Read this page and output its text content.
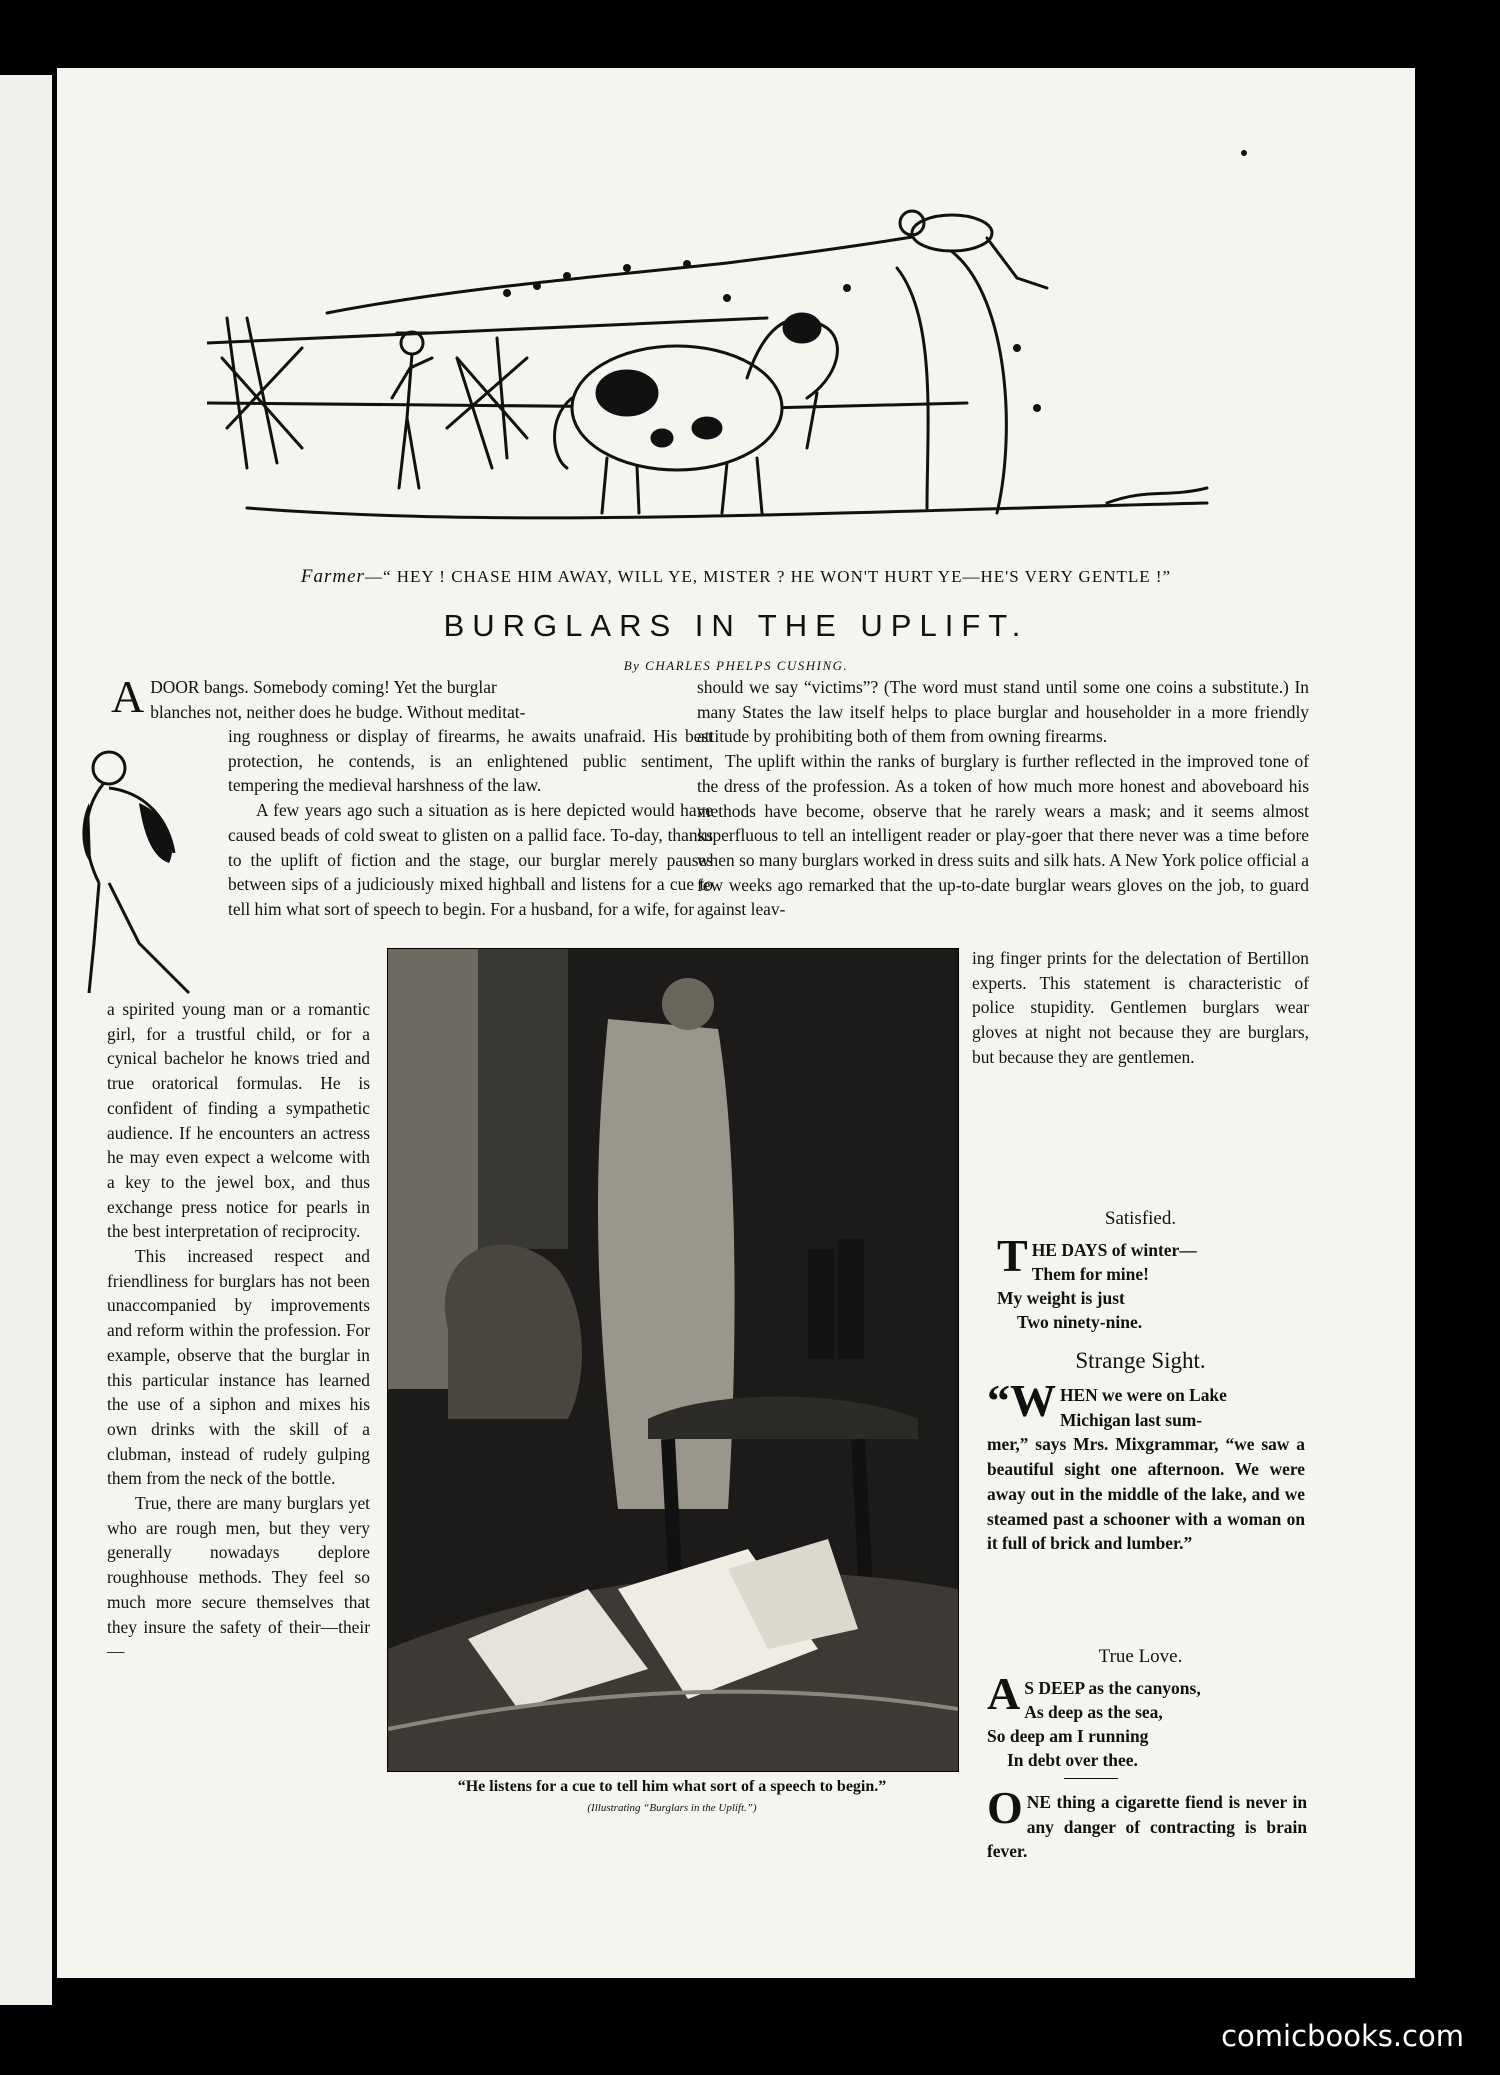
Farmer—“ HEY ! CHASE HIM AWAY, WILL YE, MISTER ? HE WON'T HURT YE—HE'S VERY GENTLE !”
BURGLARS IN THE UPLIFT.
By CHARLES PHELPS CUSHING.
A DOOR bangs. Somebody coming! Yet the burglar
blanches not, neither does he budge. Without meditat-

ing roughness or display of firearms, he awaits unafraid. His best protection, he contends, is an enlightened public sentiment, tempering the medieval harshness of the law.

A few years ago such a situation as is here depicted would have caused beads of cold sweat to glisten on a pallid face. To-day, thanks to the uplift of fiction and the stage, our burglar merely pauses between sips of a judiciously mixed highball and listens for a cue to tell him what sort of speech to begin. For a husband, for a wife, for

a spirited young man or a romantic girl, for a trustful child, or for a cynical bachelor he knows tried and true oratorical formulas. He is confident of finding a sympathetic audience. If he encounters an actress he may even expect a welcome with a key to the jewel box, and thus exchange press notice for pearls in the best interpretation of reciprocity.

This increased respect and friendliness for burglars has not been unaccompanied by improvements and reform within the profession. For example, observe that the burglar in this particular instance has learned the use of a siphon and mixes his own drinks with the skill of a clubman, instead of rudely gulping them from the neck of the bottle.

True, there are many burglars yet who are rough men, but they very generally nowadays deplore roughhouse methods. They feel so much more secure themselves that they insure the safety of their—their—

should we say “victims”? (The word must stand until some one coins a substitute.) In many States the law itself helps to place burglar and householder in a more friendly attitude by prohibiting both of them from owning firearms.

The uplift within the ranks of burglary is further reflected in the improved tone of the dress of the profession. As a token of how much more honest and aboveboard his methods have become, observe that he rarely wears a mask; and it seems almost superfluous to tell an intelligent reader or play-goer that there never was a time before when so many burglars worked in dress suits and silk hats. A New York police official a few weeks ago remarked that the up-to-date burglar wears gloves on the job, to guard against leav-

“He listens for a cue to tell him what sort of a speech to begin.”
(Illustrating “Burglars in the Uplift.”)

ing finger prints for the delectation of Bertillon experts. This statement is characteristic of police stupidity. Gentlemen burglars wear gloves at night not because they are burglars, but because they are gentlemen.

Satisfied.
T HE DAYS of winter—
Them for mine!
My weight is just
Two ninety-nine.
Strange Sight.
“W HEN we were on Lake
Michigan last sum-

mer,” says Mrs. Mixgrammar, “we saw a beautiful sight one afternoon. We were away out in the middle of the lake, and we steamed past a schooner with a woman on it full of brick and lumber.”

True Love.
A S DEEP as the canyons,
As deep as the sea,
So deep am I running
In debt over thee.
O NE thing a cigarette fiend is never in any danger of contracting is brain fever.

comicbooks.com
